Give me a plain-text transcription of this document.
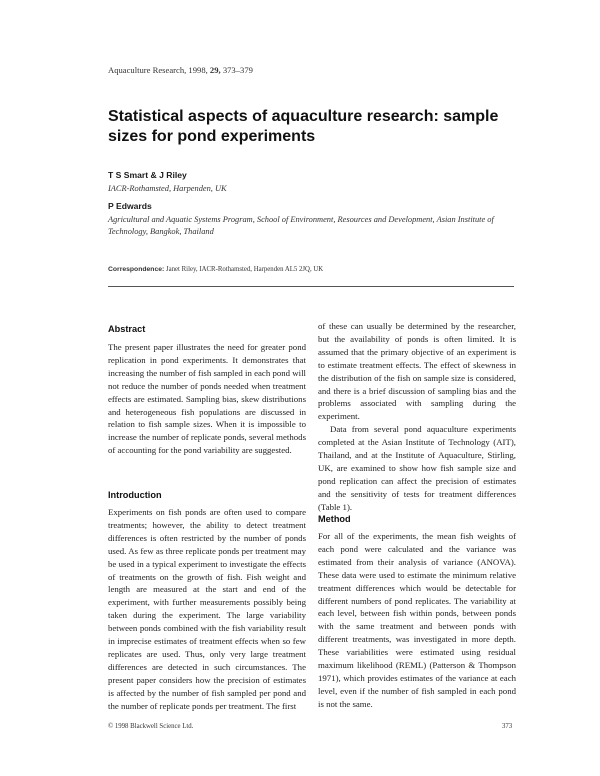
Aquaculture Research, 1998, 29, 373–379
Statistical aspects of aquaculture research: sample sizes for pond experiments
T S Smart & J Riley
IACR-Rothamsted, Harpenden, UK
P Edwards
Agricultural and Aquatic Systems Program, School of Environment, Resources and Development, Asian Institute of Technology, Bangkok, Thailand
Correspondence: Janet Riley, IACR-Rothamsted, Harpenden AL5 2JQ, UK
Abstract

The present paper illustrates the need for greater pond replication in pond experiments. It demonstrates that increasing the number of fish sampled in each pond will not reduce the number of ponds needed when treatment effects are estimated. Sampling bias, skew distributions and heterogeneous fish populations are discussed in relation to fish sample sizes. When it is impossible to increase the number of replicate ponds, several methods of accounting for the pond variability are suggested.

Introduction

Experiments on fish ponds are often used to compare treatments; however, the ability to detect treatment differences is often restricted by the number of ponds used. As few as three replicate ponds per treatment may be used in a typical experiment to investigate the effects of treatments on the growth of fish. Fish weight and length are measured at the start and end of the experiment, with further measurements possibly being taken during the experiment. The large variability between ponds combined with the fish variability result in imprecise estimates of treatment effects when so few replicates are used. Thus, only very large treatment differences are detected in such circumstances. The present paper considers how the precision of estimates is affected by the number of fish sampled per pond and the number of replicate ponds per treatment. The first

of these can usually be determined by the researcher, but the availability of ponds is often limited. It is assumed that the primary objective of an experiment is to estimate treatment effects. The effect of skewness in the distribution of the fish on sample size is considered, and there is a brief discussion of sampling bias and the problems associated with sampling during the experiment.

Data from several pond aquaculture experiments completed at the Asian Institute of Technology (AIT), Thailand, and at the Institute of Aquaculture, Stirling, UK, are examined to show how fish sample size and pond replication can affect the precision of estimates and the sensitivity of tests for treatment differences (Table 1).

Method

For all of the experiments, the mean fish weights of each pond were calculated and the variance was estimated from their analysis of variance (ANOVA). These data were used to estimate the minimum relative treatment differences which would be detectable for different numbers of pond replicates. The variability at each level, between fish within ponds, between ponds with the same treatment and between ponds with different treatments, was investigated in more depth. These variabilities were estimated using residual maximum likelihood (REML) (Patterson & Thompson 1971), which provides estimates of the variance at each level, even if the number of fish sampled in each pond is not the same.

© 1998 Blackwell Science Ltd.	373
